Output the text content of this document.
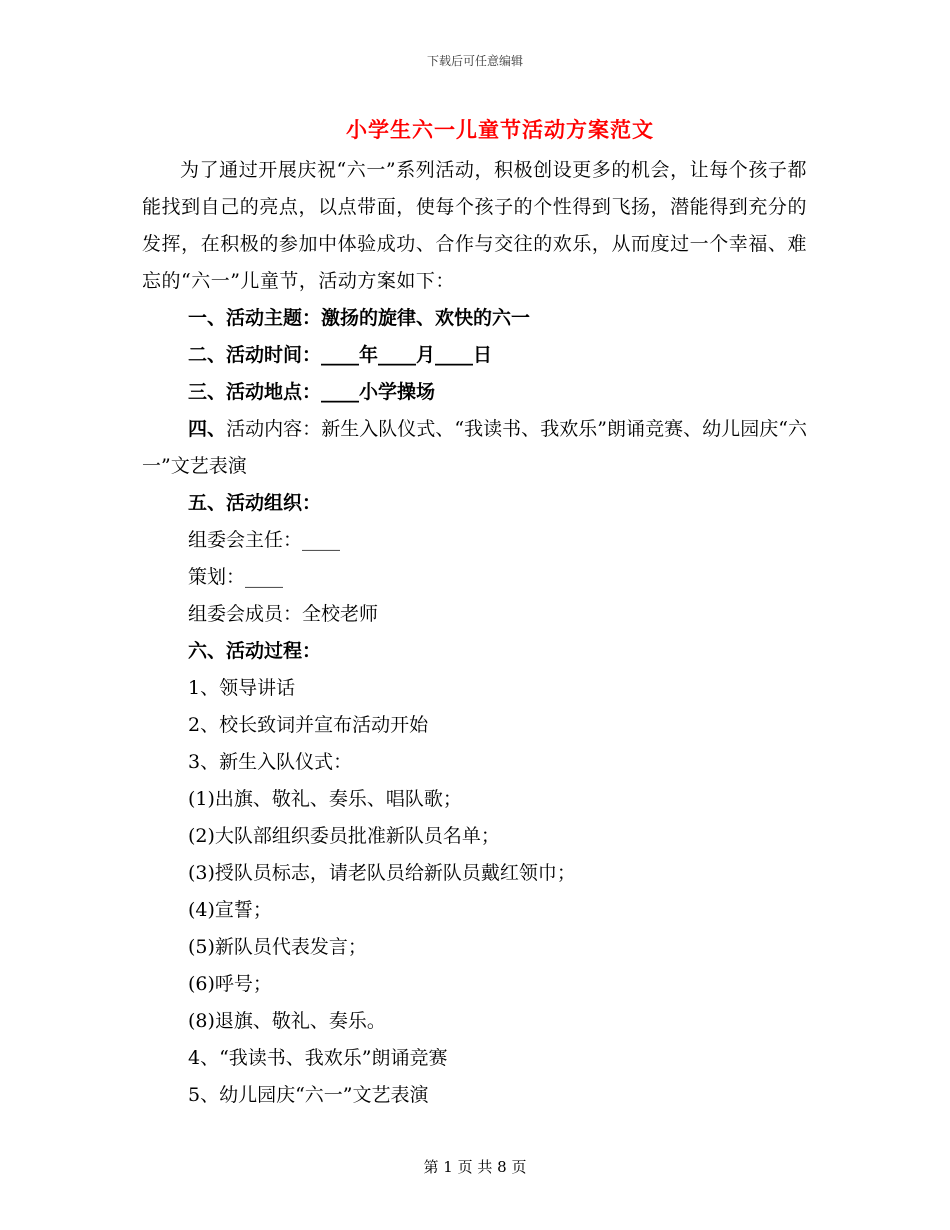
下载后可任意编辑
小学生六一儿童节活动方案范文

为了通过开展庆祝“六一”系列活动，积极创设更多的机会，让每个孩子都能找到自己的亮点，以点带面，使每个孩子的个性得到飞扬，潜能得到充分的发挥，在积极的参加中体验成功、合作与交往的欢乐，从而度过一个幸福、难忘的“六一”儿童节，活动方案如下：

一、活动主题：激扬的旋律、欢快的六一

二、活动时间：____年____月____日

三、活动地点：____小学操场

四、活动内容：新生入队仪式、“我读书、我欢乐”朗诵竞赛、幼儿园庆“六一”文艺表演

五、活动组织：

组委会主任：____

策划：____

组委会成员：全校老师

六、活动过程：

1、领导讲话

2、校长致词并宣布活动开始

3、新生入队仪式：

(1)出旗、敬礼、奏乐、唱队歌；

(2)大队部组织委员批准新队员名单；

(3)授队员标志，请老队员给新队员戴红领巾；

(4)宣誓；

(5)新队员代表发言；

(6)呼号；

(8)退旗、敬礼、奏乐。

4、“我读书、我欢乐”朗诵竞赛

5、幼儿园庆“六一”文艺表演

第 1 页 共 8 页
